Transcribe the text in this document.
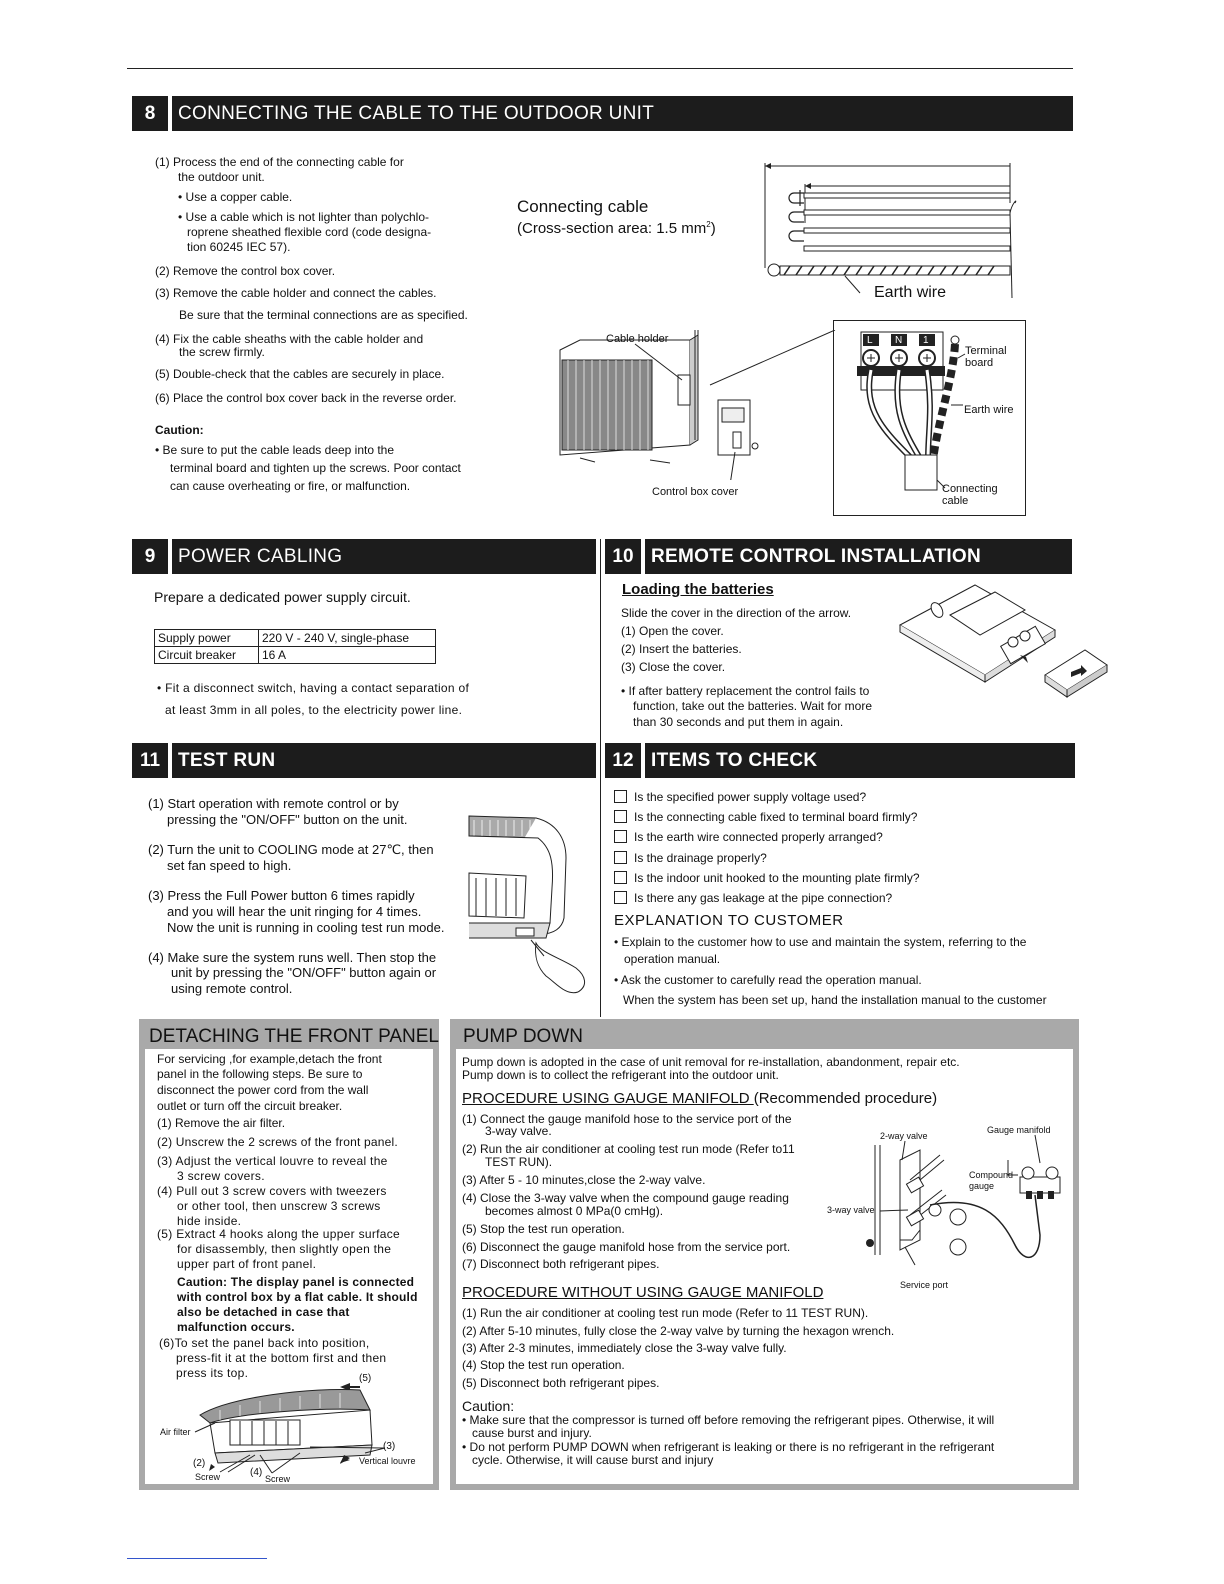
8	CONNECTING THE CABLE TO THE OUTDOOR UNIT
(1) Process the end of the connecting cable for
the outdoor unit.
• Use a copper cable.
• Use a cable which is not lighter than polychlo-
roprene sheathed flexible cord (code designa-
tion 60245 IEC 57).
(2) Remove the control box cover.
(3) Remove the cable holder and connect the cables.
Be sure that the terminal connections are as specified.
(4) Fix the cable sheaths with the cable holder and
the screw firmly.
(5) Double-check that the cables are securely in place.
(6) Place the control box cover back in the reverse order.
Caution:
• Be sure to put the cable leads deep into the
terminal board and tighten up the screws. Poor contact
can cause overheating or fire, or malfunction.
Connecting cable
(Cross-section area: 1.5 $mm^2$)
Earth wire
Cable holder
Control box cover
L N 1
Terminal
board
Earth wire
Connecting
cable
9	POWER CABLING
Prepare a dedicated power supply circuit.
Supply power	220 V - 240 V, single-phase
Circuit breaker	16 A
• Fit a disconnect switch, having a contact separation of
at least 3mm in all poles, to the electricity power line.
10 REMOTE CONTROL INSTALLATION
Loading the batteries
Slide the cover in the direction of the arrow.
(1) Open the cover.
(2) Insert the batteries.
(3) Close the cover.
• If after battery replacement the control fails to
function, take out the batteries. Wait for more
than 30 seconds and put them in again.
11 TEST RUN
(1) Start operation with remote control or by
pressing the "ON/OFF" button on the unit.
(2) Turn the unit to COOLING mode at 27℃, then
set fan speed to high.
(3) Press the Full Power button 6 times rapidly
and you will hear the unit ringing for 4 times.
Now the unit is running in cooling test run mode.
(4) Make sure the system runs well. Then stop the
unit by pressing the "ON/OFF" button again or
using remote control.
12 ITEMS TO CHECK
Is the specified power supply voltage used?
Is the connecting cable fixed to terminal board firmly?
Is the earth wire connected properly arranged?
Is the drainage properly?
Is the indoor unit hooked to the mounting plate firmly?
Is there any gas leakage at the pipe connection?
EXPLANATION TO CUSTOMER
• Explain to the customer how to use and maintain the system, referring to the
operation manual.
• Ask the customer to carefully read the operation manual.
When the system has been set up, hand the installation manual to the customer
DETACHING THE FRONT PANEL
For servicing ,for example,detach the front
panel in the following steps. Be sure to
disconnect the power cord from the wall
outlet or turn off the circuit breaker.
(1) Remove the air filter.
(2) Unscrew the 2 screws of the front panel.
(3) Adjust the vertical louvre to reveal the
3 screw covers.
(4) Pull out 3 screw covers with tweezers
or other tool, then unscrew 3 screws
hide inside.
(5) Extract 4 hooks along the upper surface
for disassembly, then slightly open the
upper part of front panel.
Caution: The display panel is connected
with control box by a flat cable. It should
also be detached in case that
malfunction occurs.
(6)To set the panel back into position,
press-fit it at the bottom first and then
press its top.	(5)
Air filter
(3)
Vertical louvre
(2)
Screw	(4)
Screw
PUMP DOWN
Pump down is adopted in the case of unit removal for re-installation, abandonment, repair etc.
Pump down is to collect the refrigerant into the outdoor unit.
PROCEDURE USING GAUGE MANIFOLD (Recommended procedure)
(1) Connect the gauge manifold hose to the service port of the
3-way valve.
(2) Run the air conditioner at cooling test run mode (Refer to11
TEST RUN).
(3) After 5 - 10 minutes,close the 2-way valve.
(4) Close the 3-way valve when the compound gauge reading
becomes almost 0 MPa(0 cmHg).
(5) Stop the test run operation.
(6) Disconnect the gauge manifold hose from the service port.
(7) Disconnect both refrigerant pipes.
2-way valve
Gauge manifold
Compound
gauge
3-way valve
Service port
PROCEDURE WITHOUT USING GAUGE MANIFOLD
(1) Run the air conditioner at cooling test run mode (Refer to 11 TEST RUN).
(2) After 5-10 minutes, fully close the 2-way valve by turning the hexagon wrench.
(3) After 2-3 minutes, immediately close the 3-way valve fully.
(4) Stop the test run operation.
(5) Disconnect both refrigerant pipes.
Caution:
• Make sure that the compressor is turned off before removing the refrigerant pipes. Otherwise, it will
cause burst and injury.
• Do not perform PUMP DOWN when refrigerant is leaking or there is no refrigerant in the refrigerant
cycle. Otherwise, it will cause burst and injury
